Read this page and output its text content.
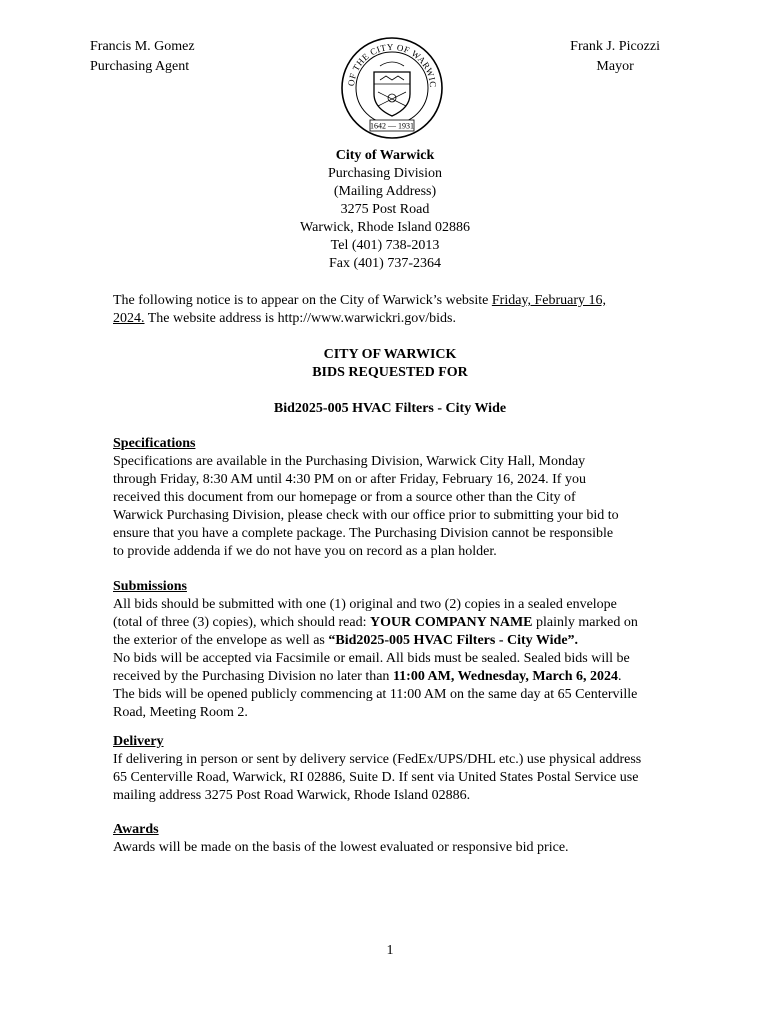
Francis M. Gomez
Purchasing Agent
Frank J. Picozzi
Mayor
OF THE CITY OF WARWIC
1642 — 1931
City of Warwick
Purchasing Division
(Mailing Address)
3275 Post Road
Warwick, Rhode Island 02886
Tel (401) 738-2013
Fax (401) 737-2364
The following notice is to appear on the City of Warwick’s website Friday, February 16,
2024. The website address is http://www.warwickri.gov/bids.
CITY OF WARWICK
BIDS REQUESTED FOR
Bid2025-005 HVAC Filters - City Wide
Specifications
Specifications are available in the Purchasing Division, Warwick City Hall, Monday
through Friday, 8:30 AM until 4:30 PM on or after Friday, February 16, 2024. If you
received this document from our homepage or from a source other than the City of
Warwick Purchasing Division, please check with our office prior to submitting your bid to
ensure that you have a complete package. The Purchasing Division cannot be responsible
to provide addenda if we do not have you on record as a plan holder.
Submissions
All bids should be submitted with one (1) original and two (2) copies in a sealed envelope
(total of three (3) copies), which should read: YOUR COMPANY NAME plainly marked on
the exterior of the envelope as well as “Bid2025-005 HVAC Filters - City Wide”.
No bids will be accepted via Facsimile or email. All bids must be sealed. Sealed bids will be
received by the Purchasing Division no later than 11:00 AM, Wednesday, March 6, 2024.
The bids will be opened publicly commencing at 11:00 AM on the same day at 65 Centerville
Road, Meeting Room 2.
Delivery
If delivering in person or sent by delivery service (FedEx/UPS/DHL etc.) use physical address
65 Centerville Road, Warwick, RI 02886, Suite D. If sent via United States Postal Service use
mailing address 3275 Post Road Warwick, Rhode Island 02886.
Awards
Awards will be made on the basis of the lowest evaluated or responsive bid price.
1
